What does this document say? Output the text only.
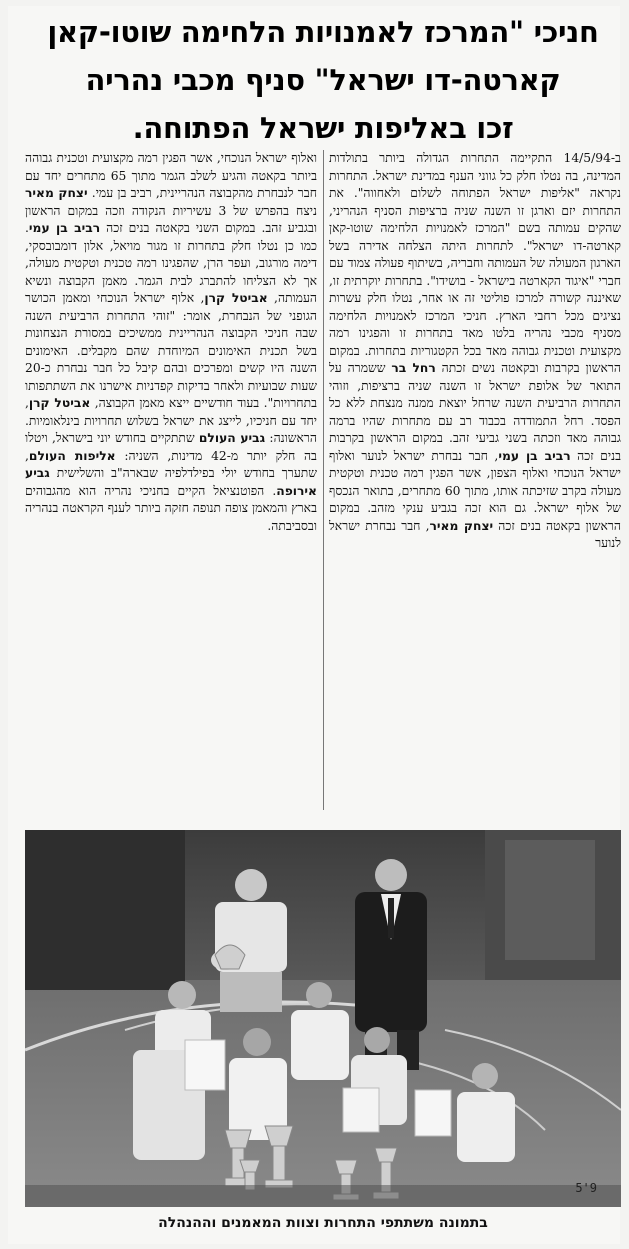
חניכי "המרכז לאמנויות הלחימה שוטו-קאן
קארטה-דו ישראל" סניף מכבי נהריה
זכו באליפות ישראל הפתוחה.

ב-14/5/94 התקיימה התחרות הגדולה ביותר בתולדות המדינה, בה נטלו חלק כל גווני הענף במדינת ישראל. התחרות נקראה "אליפות ישראל הפתוחה לשלום ולאחווה". את התחרות יזם וארגן זו השנה שניה ברציפות הסניף הנהריני, שהקים עמותה בשם "המרכז לאמנויות הלחימה שוטו-קאן קארטה-דו ישראל". לתחרות היתה הצלחה אדירה בשל הארגון המעולה של העמותה וחבריה, בשיתוף פעולה צמוד עם חברי "איגוד הקארטה בישראל - בושידו". בתחרות יוקרתית זו, שאיננה קשורה למרכז פוליטי זה או אחר, נטלו חלק עשרות נציגים מכל רחבי הארץ. חניכי המרכז לאמנויות הלחימה מסניף מכבי נהריה בלטו מאד בתחרות זו והפגינו רמה מקצועית וטכנית גבוהה מאד בכל הקטגוריות בתחרות. במקום הראשון בקרבות ובקאטה נשים זכתה רחל בר ששמרה על התואר של אלופת ישראל זו השנה שניה ברציפות, וזוהי התחרות הרביעית השנה שרחל יוצאת ממנה מנצחת ללא כל הפסד. רחל התמודדה בכבוד רב עם מתחרות שהיו ברמה גבוהה מאד וזכתה בשני גביעי זהב. במקום הראשון בקרבות בנים זכה רביב בן עמי, חבר נבחרת ישראל לנוער ואלוף ישראל הנוכחי ואלוף הצפון, אשר הפגין רמה טכנית וטקטית מעולה בקרב שזיכתה אותו, מתוך 60 מתחרים, בתואר הנכסף של אלוף ישראל. גם הוא זכה בגביע ענקי מזהב. במקום הראשון בקאטה בנים זכה יצחק מאיר, חבר נבחרת ישראל לנוער

ואלוף ישראל הנוכחי, אשר הפגין רמה מקצועית וטכנית גבוהה ביותר בקאטה והגיע לשלב הגמר מתוך 65 מתחרים יחד עם חבר לנבחרת מהקבוצה הנהריינית, רביב בן עמי. יצחק מאיר ניצח בהפרש של 3 עשיריות הנקודה וזכה במקום הראשון ובגביע זהב. במקום השני בקאטה בנים זכה רביב בן עמי. כמו כן נטלו חלק בתחרות זו מגור מויאל, אלון דומבובסקי, דימה מורגוב, ועפר הרן, שהפגינו רמה טכנית וטקטית מעולה, אך לא הצליחו להתברג לבית הגמר. מאמן הקבוצה ונשיא העמותה, אביטל קרן, אלוף ישראל הנוכחי ומאמן הכושר הגופני של הנבחרת, אומר: "זוהי התחרות הרביעית השנה שבה חניכי הקבוצה הנהריינית ממשיכים במסורת הנצחונות בשל תכנית האימונים המיוחדת שהם מקבלים. האימונים השנה היו קשים ומפרכים ובהם קיבל כל חבר נבחרת כ-20 שעות שבועיות ולאחר בדיקות קפדניות אישרנו את השתתפותו בתחרויות". בעוד חודשיים ייצא מאמן הקבוצה, אביטל קרן, יחד עם חניכיו, לייצג את ישראל בשלוש תחרויות בינלאומיות. הראשונה: גביע העולם שתתקיים בחודש יוני בישראל, ויטלו בה חלק יותר מ-42 מדינות, השניה: אליפות העולם, שתערך בחודש יולי בפילדלפיה שבארה"ב והשלישית גביע אירופה. הפוטנציאל הקיים בחניכי נהריה הוא מהגבוהים בארץ והמאמן צופה תנופה חזקה ביותר לענף הקראטה בנהריה ובסביבתה.

5'9
בתמונה משתתפי התחרות וצוות המאמנים וההנהלה
